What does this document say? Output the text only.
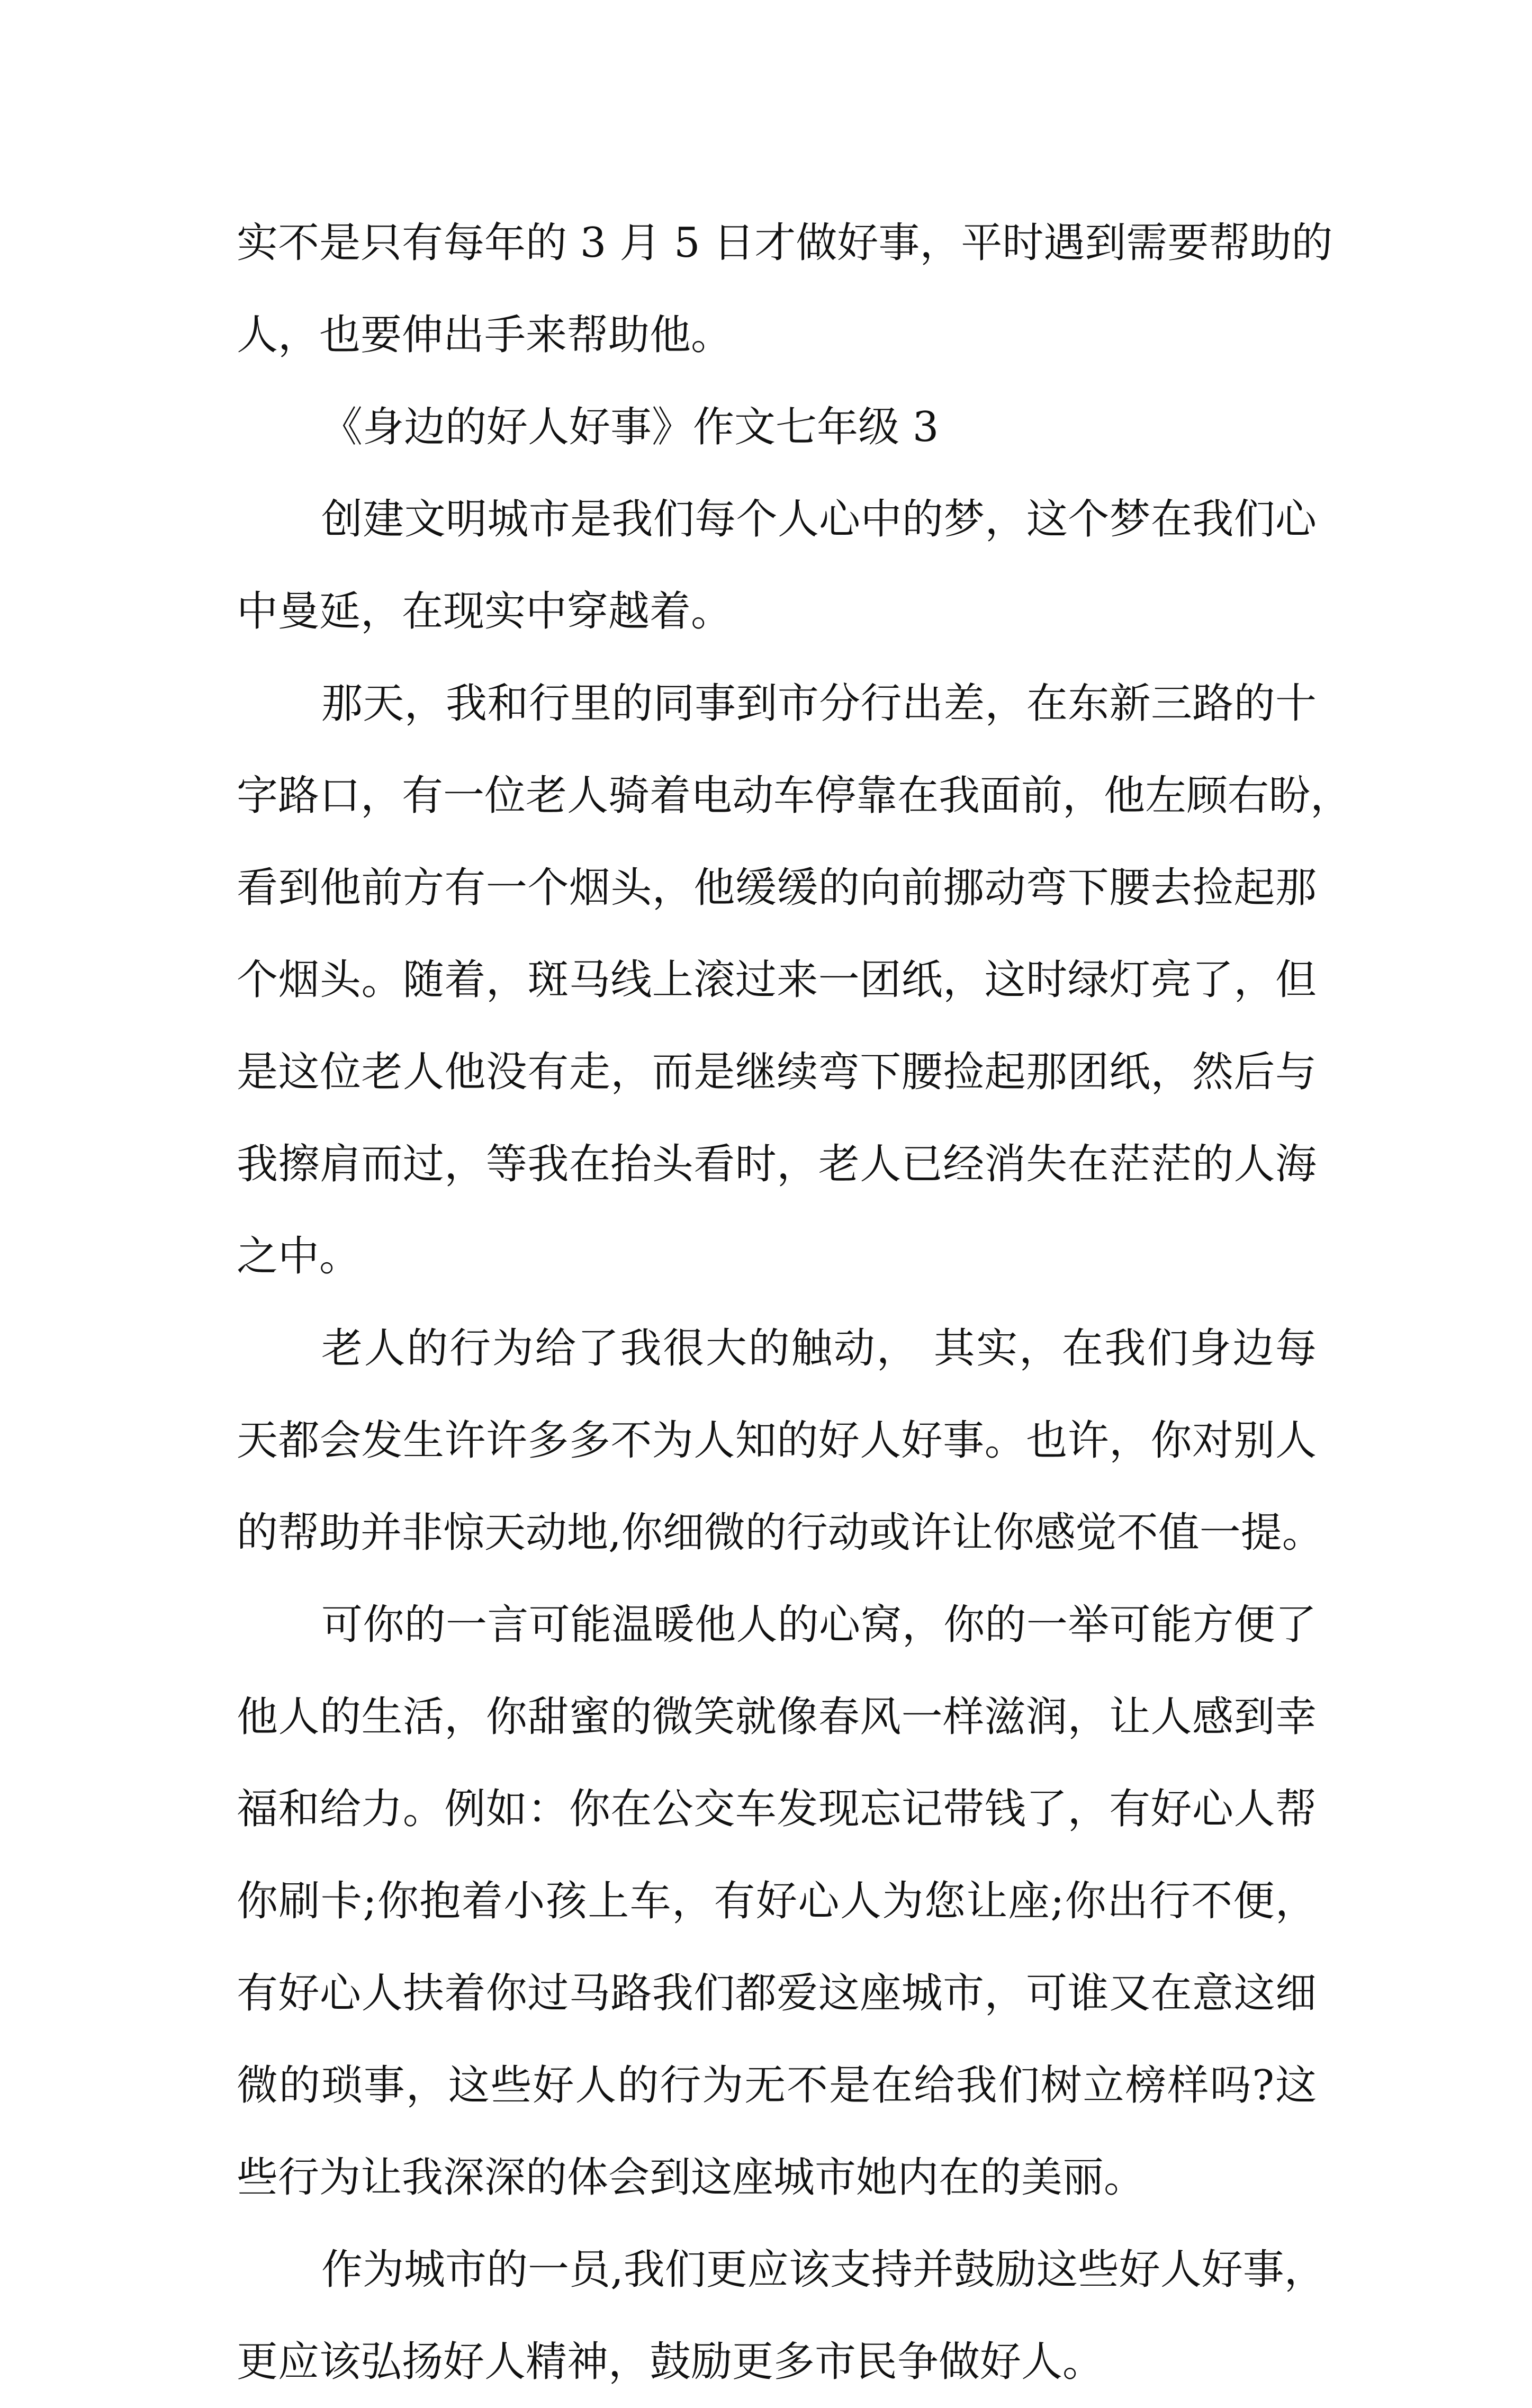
实不是只有每年的 3 月 5 日才做好事，平时遇到需要帮助的
人，也要伸出手来帮助他。
《身边的好人好事》作文七年级 3
创建文明城市是我们每个人心中的梦，这个梦在我们心
中曼延，在现实中穿越着。
那天，我和行里的同事到市分行出差，在东新三路的十
字路口，有一位老人骑着电动车停靠在我面前，他左顾右盼，
看到他前方有一个烟头，他缓缓的向前挪动弯下腰去捡起那
个烟头。随着，斑马线上滚过来一团纸，这时绿灯亮了，但
是这位老人他没有走，而是继续弯下腰捡起那团纸，然后与
我擦肩而过，等我在抬头看时，老人已经消失在茫茫的人海
之中。
老人的行为给了我很大的触动， 其实，在我们身边每
天都会发生许许多多不为人知的好人好事。也许，你对别人
的帮助并非惊天动地,你细微的行动或许让你感觉不值一提。
可你的一言可能温暖他人的心窝，你的一举可能方便了
他人的生活，你甜蜜的微笑就像春风一样滋润，让人感到幸
福和给力。例如：你在公交车发现忘记带钱了，有好心人帮
你刷卡;你抱着小孩上车，有好心人为您让座;你出行不便，
有好心人扶着你过马路我们都爱这座城市，可谁又在意这细
微的琐事，这些好人的行为无不是在给我们树立榜样吗?这
些行为让我深深的体会到这座城市她内在的美丽。
作为城市的一员,我们更应该支持并鼓励这些好人好事，
更应该弘扬好人精神，鼓励更多市民争做好人。
